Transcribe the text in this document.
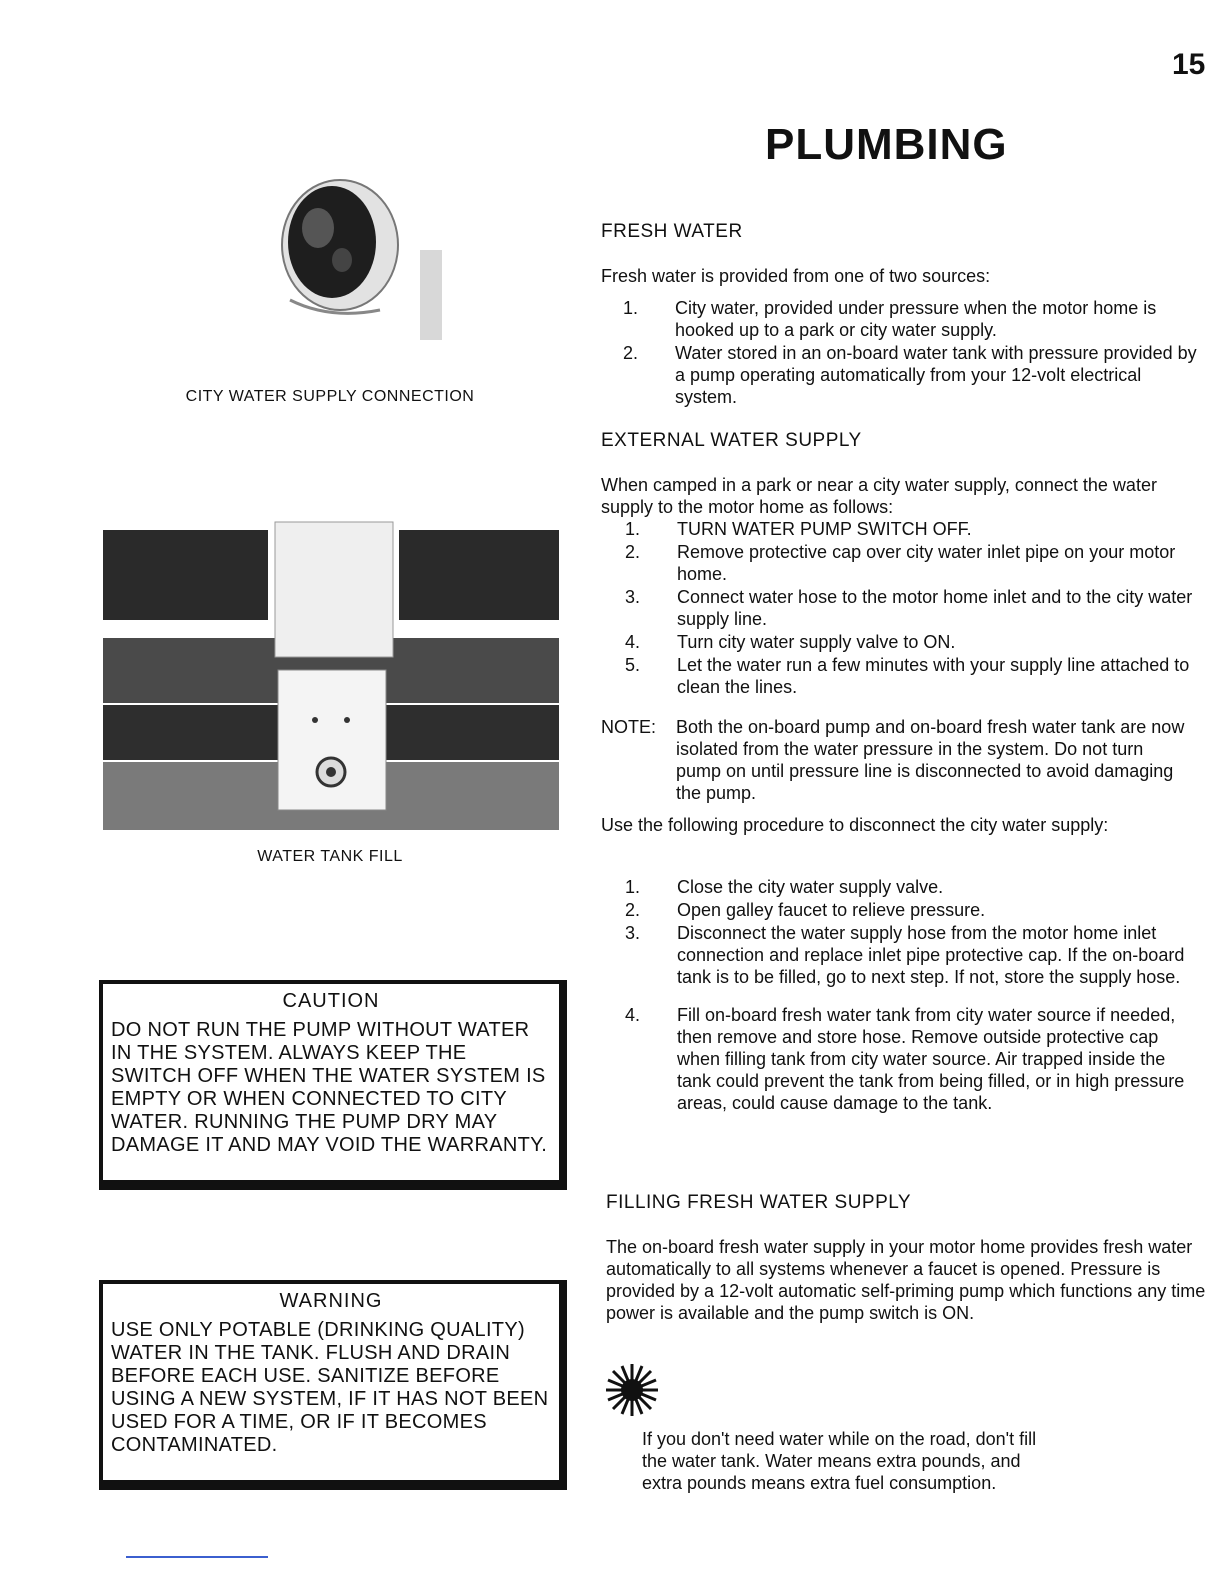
15
PLUMBING
CITY WATER SUPPLY CONNECTION
WATER TANK FILL
CAUTION
DO NOT RUN THE PUMP WITHOUT WATER IN THE SYSTEM. ALWAYS KEEP THE SWITCH OFF WHEN THE WATER SYSTEM IS EMPTY OR WHEN CONNECTED TO CITY WATER. RUNNING THE PUMP DRY MAY DAMAGE IT AND MAY VOID THE WARRANTY.
WARNING
USE ONLY POTABLE (DRINKING QUALITY) WATER IN THE TANK. FLUSH AND DRAIN BEFORE EACH USE. SANITIZE BEFORE USING A NEW SYSTEM, IF IT HAS NOT BEEN USED FOR A TIME, OR IF IT BECOMES CONTAMINATED.
FRESH WATER
Fresh water is provided from one of two sources:
1. City water, provided under pressure when the motor home is hooked up to a park or city water supply.
2. Water stored in an on-board water tank with pressure provided by a pump operating automatically from your 12-volt electrical system.
EXTERNAL WATER SUPPLY
When camped in a park or near a city water supply, connect the water supply to the motor home as follows:
1. TURN WATER PUMP SWITCH OFF.
2. Remove protective cap over city water inlet pipe on your motor home.
3. Connect water hose to the motor home inlet and to the city water supply line.
4. Turn city water supply valve to ON.
5. Let the water run a few minutes with your supply line attached to clean the lines.
NOTE:	Both the on-board pump and on-board fresh water tank are now isolated from the water pressure in the system. Do not turn pump on until pressure line is disconnected to avoid damaging the pump.
Use the following procedure to disconnect the city water supply:
1. Close the city water supply valve.
2. Open galley faucet to relieve pressure.
3. Disconnect the water supply hose from the motor home inlet connection and replace inlet pipe protective cap. If the on-board tank is to be filled, go to next step. If not, store the supply hose.
4. Fill on-board fresh water tank from city water source if needed, then remove and store hose. Remove outside protective cap when filling tank from city water source. Air trapped inside the tank could prevent the tank from being filled, or in high pressure areas, could cause damage to the tank.
FILLING FRESH WATER SUPPLY
The on-board fresh water supply in your motor home provides fresh water automatically to all systems whenever a faucet is opened. Pressure is provided by a 12-volt automatic self-priming pump which functions any time power is available and the pump switch is ON.
If you don't need water while on the road, don't fill the water tank. Water means extra pounds, and extra pounds means extra fuel consumption.
